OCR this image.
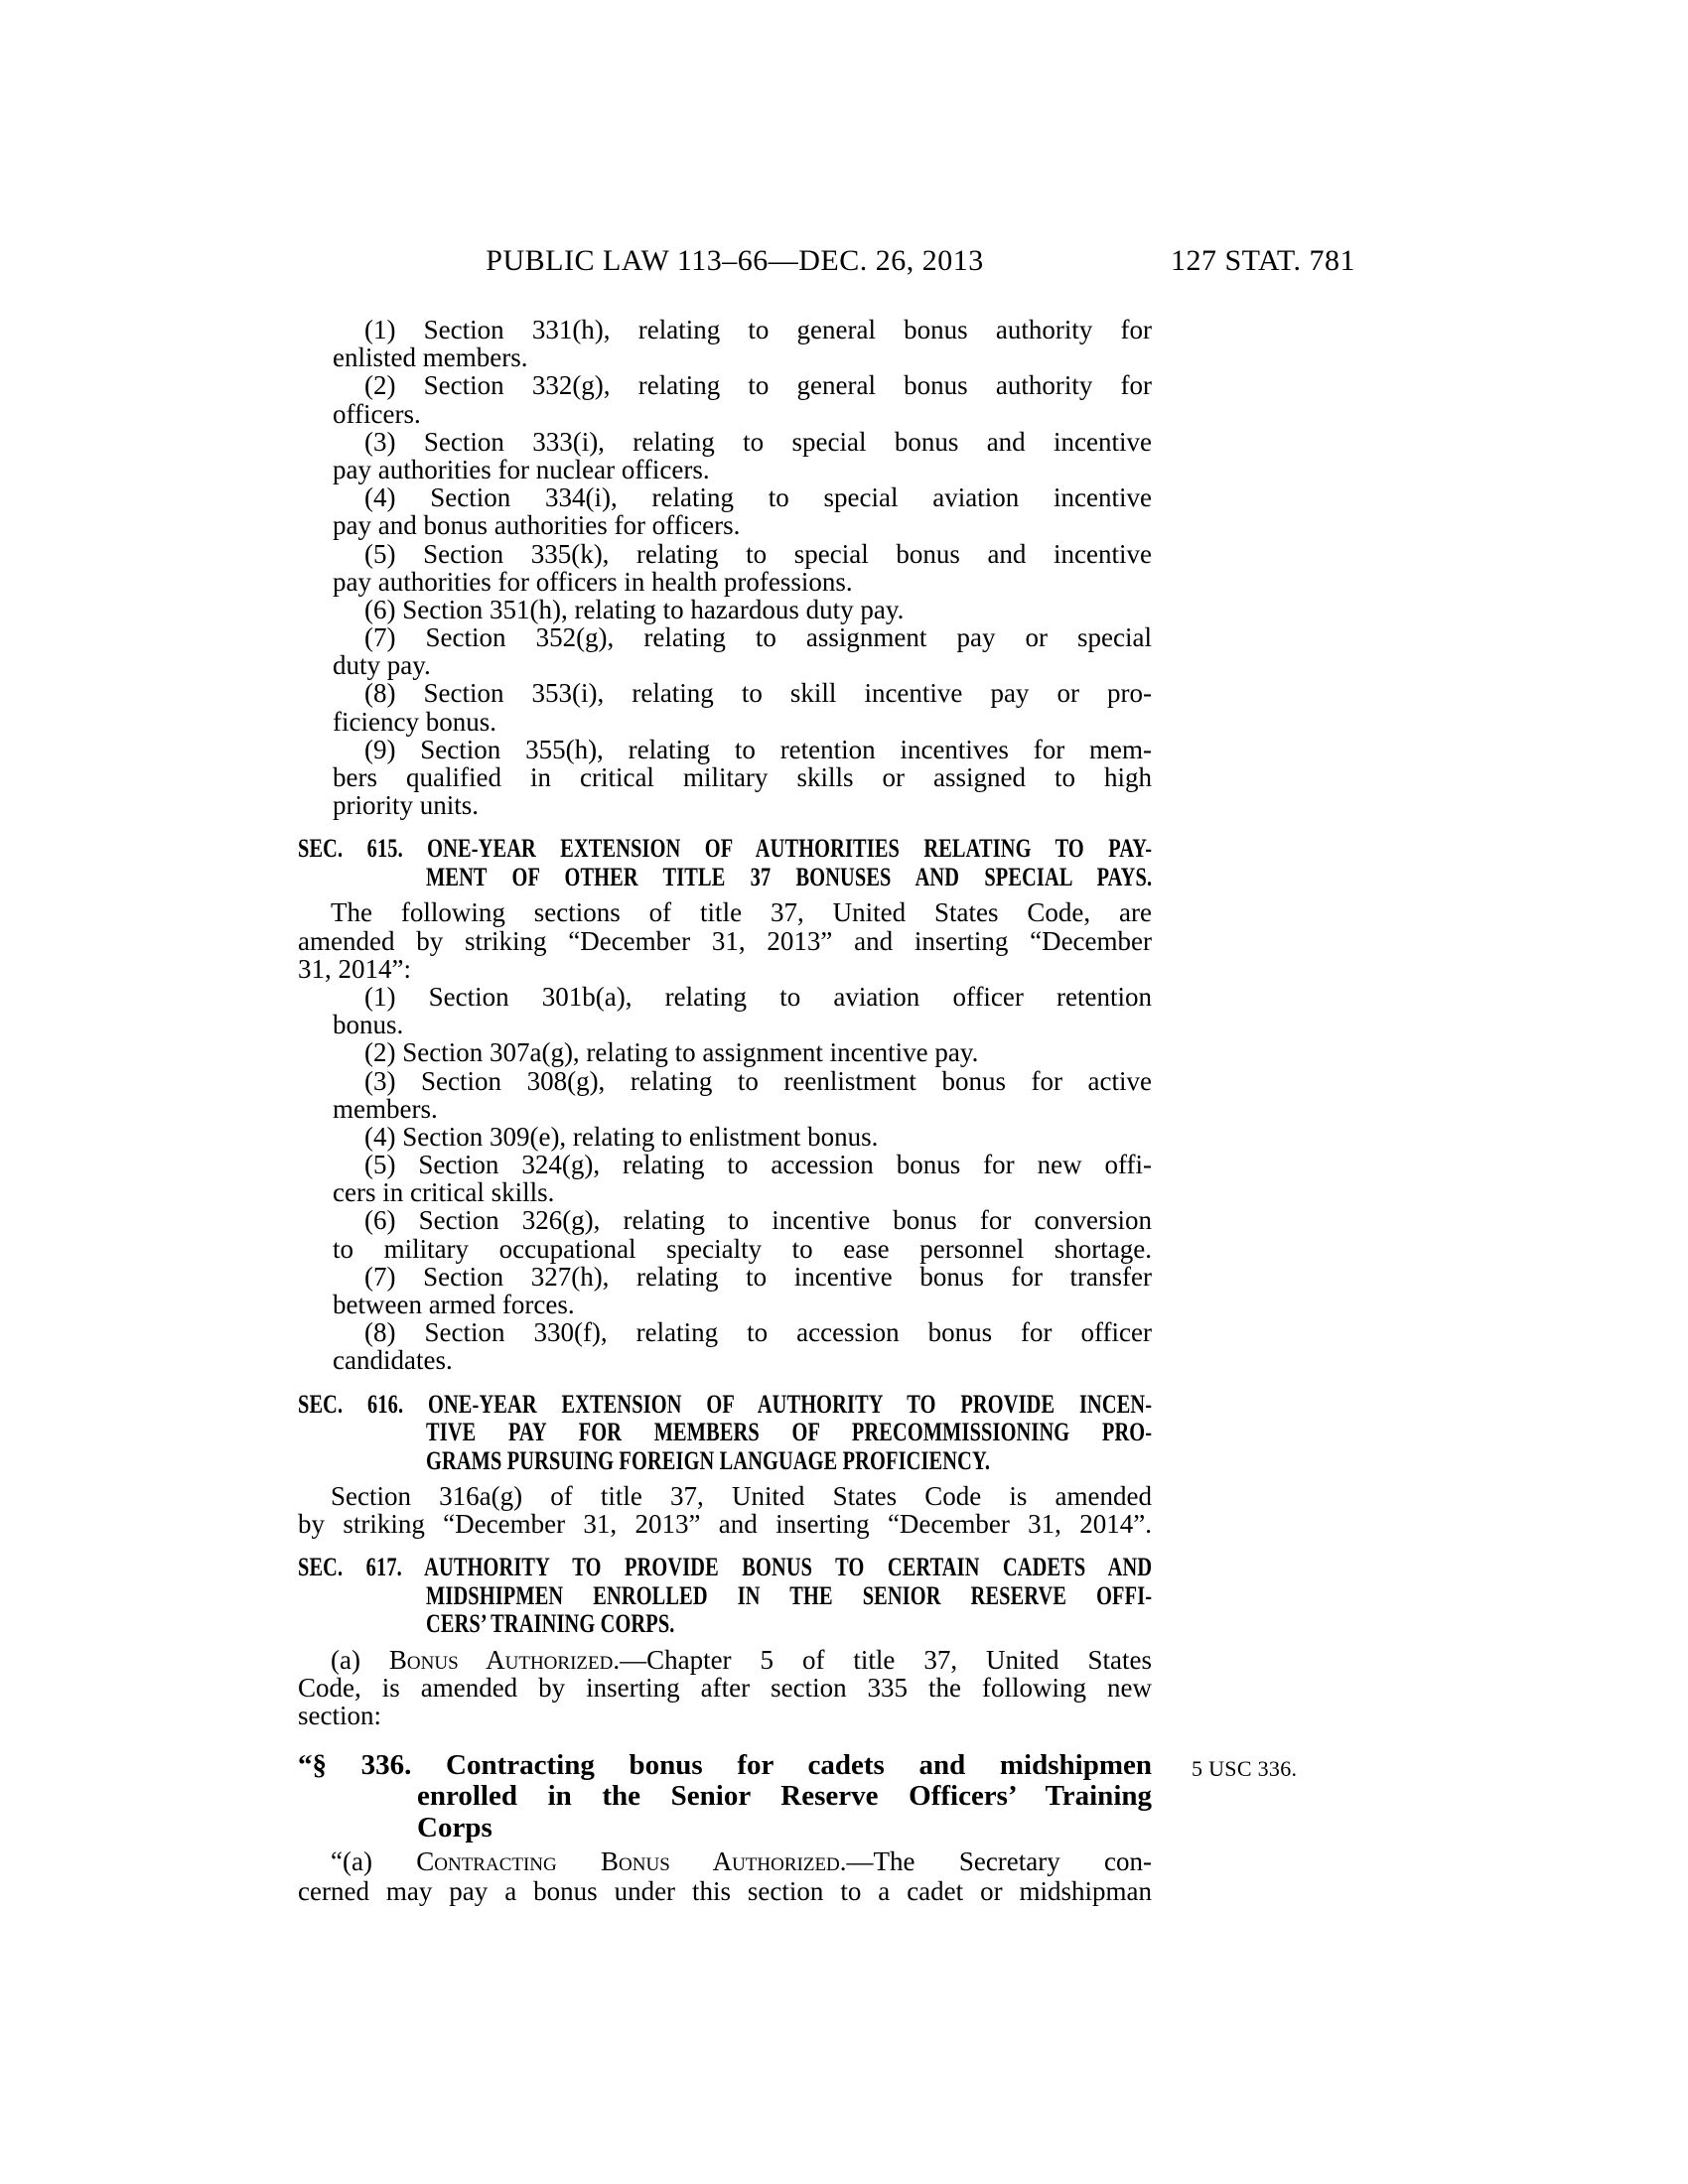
PUBLIC LAW 113–66—DEC. 26, 2013	127 STAT. 781
(1) Section 331(h), relating to general bonus authority for
enlisted members.
(2) Section 332(g), relating to general bonus authority for
officers.
(3) Section 333(i), relating to special bonus and incentive
pay authorities for nuclear officers.
(4) Section 334(i), relating to special aviation incentive
pay and bonus authorities for officers.
(5) Section 335(k), relating to special bonus and incentive
pay authorities for officers in health professions.
(6) Section 351(h), relating to hazardous duty pay.
(7) Section 352(g), relating to assignment pay or special
duty pay.
(8) Section 353(i), relating to skill incentive pay or pro-
ficiency bonus.
(9) Section 355(h), relating to retention incentives for mem-
bers qualified in critical military skills or assigned to high
priority units.
SEC. 615. ONE-YEAR EXTENSION OF AUTHORITIES RELATING TO PAY-
MENT OF OTHER TITLE 37 BONUSES AND SPECIAL PAYS.
The following sections of title 37, United States Code, are
amended by striking “December 31, 2013” and inserting “December
31, 2014”:
(1) Section 301b(a), relating to aviation officer retention
bonus.
(2) Section 307a(g), relating to assignment incentive pay.
(3) Section 308(g), relating to reenlistment bonus for active
members.
(4) Section 309(e), relating to enlistment bonus.
(5) Section 324(g), relating to accession bonus for new offi-
cers in critical skills.
(6) Section 326(g), relating to incentive bonus for conversion
to military occupational specialty to ease personnel shortage.
(7) Section 327(h), relating to incentive bonus for transfer
between armed forces.
(8) Section 330(f), relating to accession bonus for officer
candidates.
SEC. 616. ONE-YEAR EXTENSION OF AUTHORITY TO PROVIDE INCEN-
TIVE PAY FOR MEMBERS OF PRECOMMISSIONING PRO-
GRAMS PURSUING FOREIGN LANGUAGE PROFICIENCY.
Section 316a(g) of title 37, United States Code is amended
by striking “December 31, 2013” and inserting “December 31, 2014”.
SEC. 617. AUTHORITY TO PROVIDE BONUS TO CERTAIN CADETS AND
MIDSHIPMEN ENROLLED IN THE SENIOR RESERVE OFFI-
CERS’ TRAINING CORPS.
(a) Bonus Authorized.—Chapter 5 of title 37, United States
Code, is amended by inserting after section 335 the following new
section:
“§ 336. Contracting bonus for cadets and midshipmen
enrolled in the Senior Reserve Officers’ Training
Corps
5 USC 336.
“(a) Contracting Bonus Authorized.—The Secretary con-
cerned may pay a bonus under this section to a cadet or midshipman
